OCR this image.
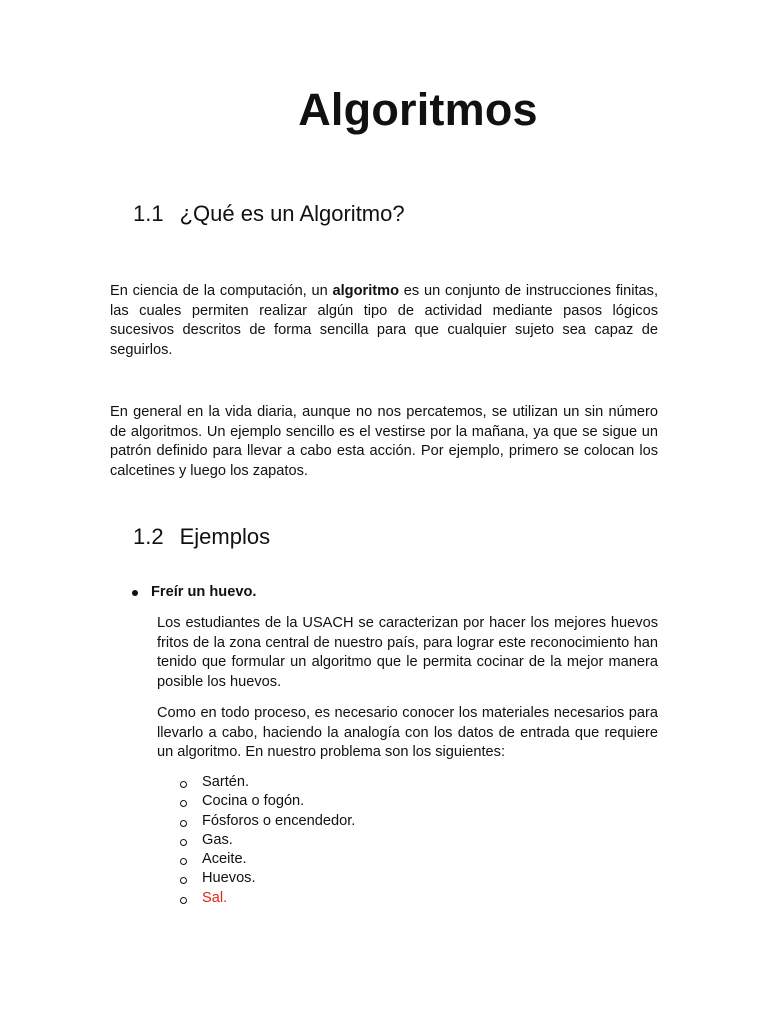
Algoritmos
1.1 ¿Qué es un Algoritmo?

En ciencia de la computación, un algoritmo es un conjunto de instrucciones finitas, las cuales permiten realizar algún tipo de actividad mediante pasos lógicos sucesivos descritos de forma sencilla para que cualquier sujeto sea capaz de seguirlos.

En general en la vida diaria, aunque no nos percatemos, se utilizan un sin número de algoritmos. Un ejemplo sencillo es el vestirse por la mañana, ya que se sigue un patrón definido para llevar a cabo esta acción. Por ejemplo, primero se colocan los calcetines y luego los zapatos.

1.2 Ejemplos
Freír un huevo.

Los estudiantes de la USACH se caracterizan por hacer los mejores huevos fritos de la zona central de nuestro país, para lograr este reconocimiento han tenido que formular un algoritmo que le permita cocinar de la mejor manera posible los huevos.

Como en todo proceso, es necesario conocer los materiales necesarios para llevarlo a cabo, haciendo la analogía con los datos de entrada que requiere un algoritmo. En nuestro problema son los siguientes:

Sartén.
Cocina o fogón.
Fósforos o encendedor.
Gas.
Aceite.
Huevos.
Sal.
